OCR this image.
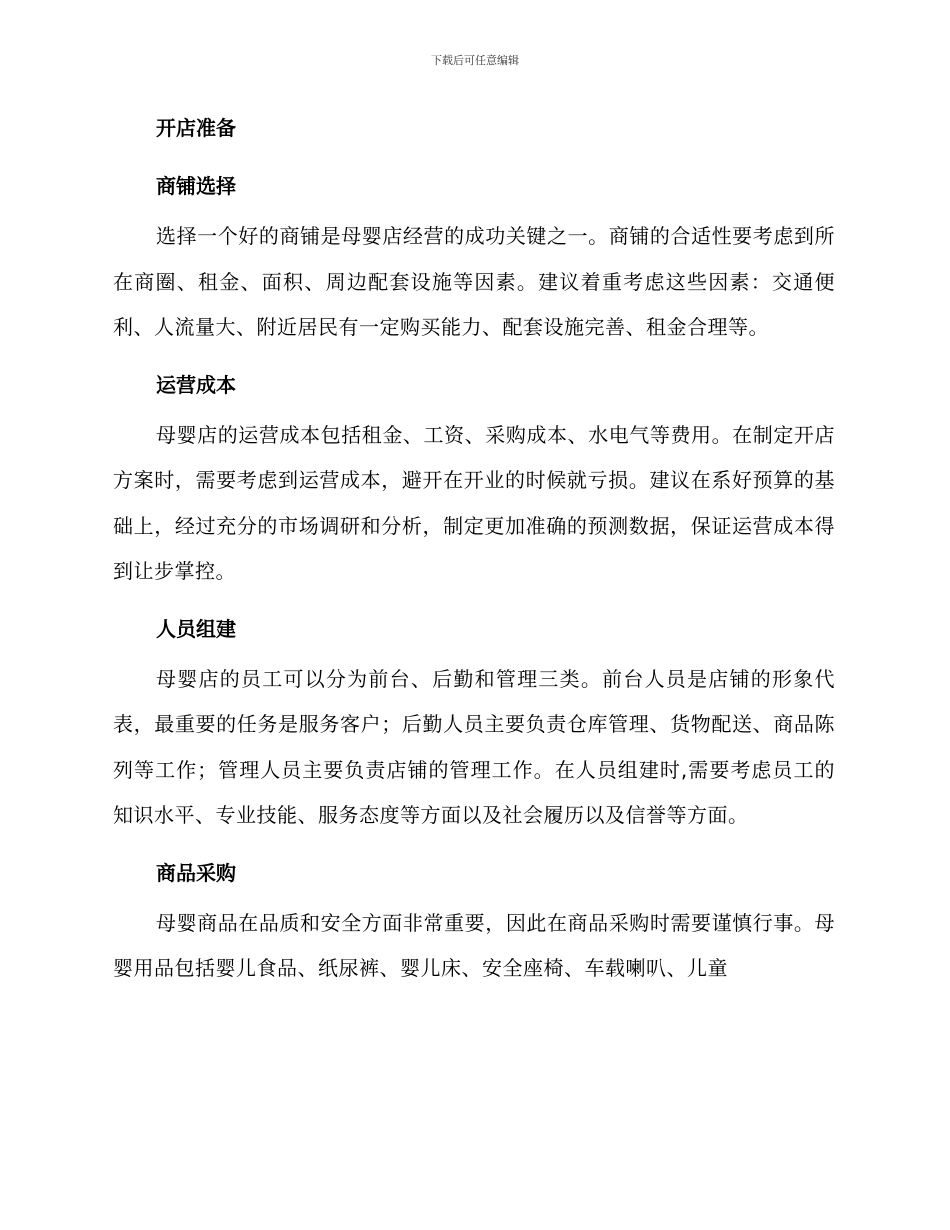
下载后可任意编辑
开店准备
商铺选择

选择一个好的商铺是母婴店经营的成功关键之一。商铺的合适性要考虑到所在商圈、租金、面积、周边配套设施等因素。建议着重考虑这些因素：交通便利、人流量大、附近居民有一定购买能力、配套设施完善、租金合理等。

运营成本

母婴店的运营成本包括租金、工资、采购成本、水电气等费用。在制定开店方案时，需要考虑到运营成本，避开在开业的时候就亏损。建议在系好预算的基础上，经过充分的市场调研和分析，制定更加准确的预测数据，保证运营成本得到让步掌控。

人员组建

母婴店的员工可以分为前台、后勤和管理三类。前台人员是店铺的形象代表，最重要的任务是服务客户；后勤人员主要负责仓库管理、货物配送、商品陈列等工作；管理人员主要负责店铺的管理工作。在人员组建时,需要考虑员工的知识水平、专业技能、服务态度等方面以及社会履历以及信誉等方面。

商品采购

母婴商品在品质和安全方面非常重要，因此在商品采购时需要谨慎行事。母婴用品包括婴儿食品、纸尿裤、婴儿床、安全座椅、车载喇叭、儿童
